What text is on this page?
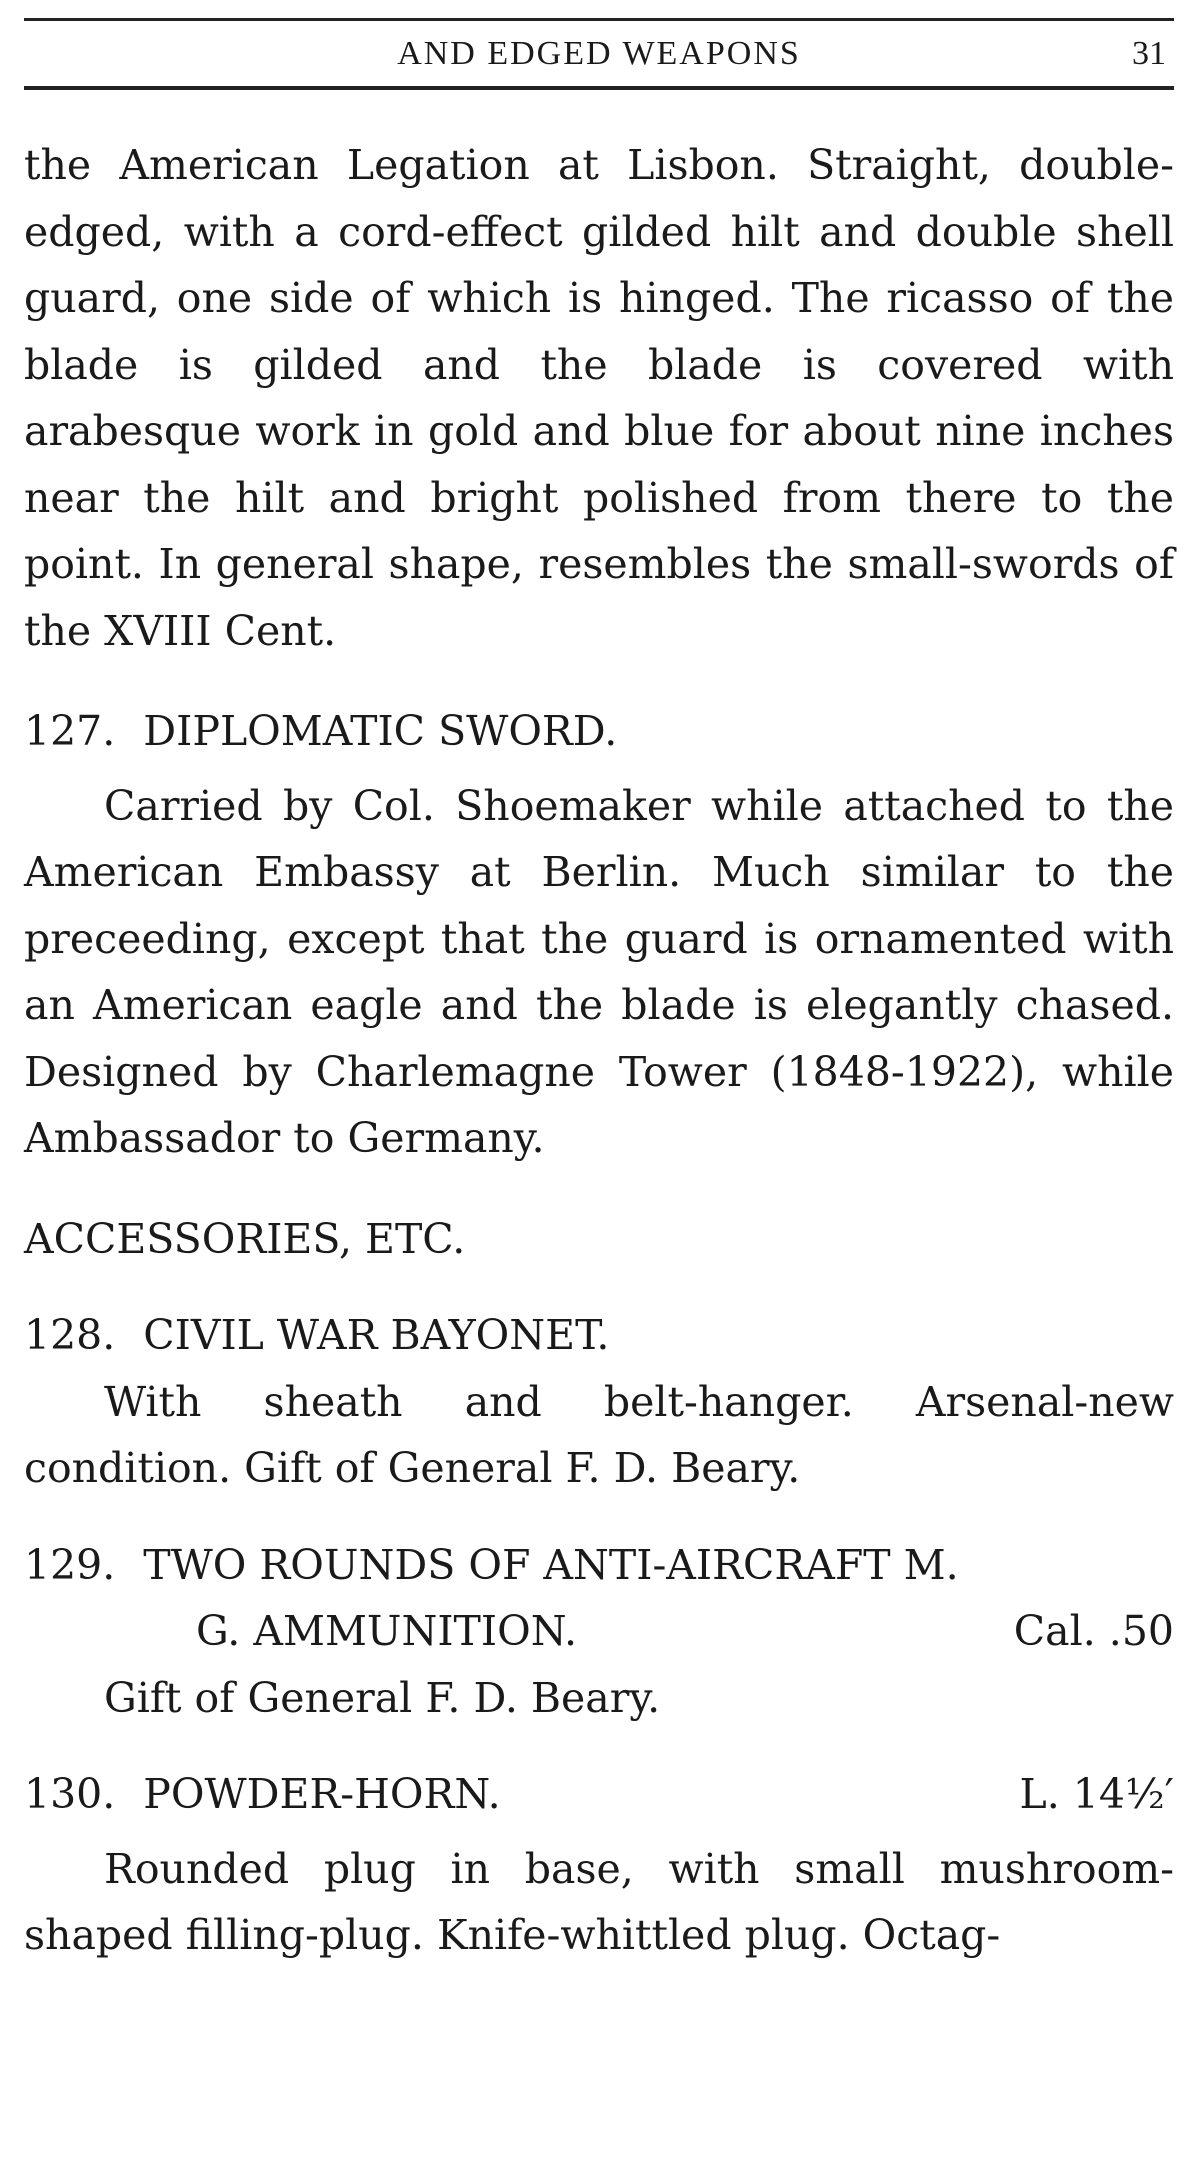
AND EDGED WEAPONS	31

the American Legation at Lisbon. Straight, double-edged, with a cord-effect gilded hilt and double shell guard, one side of which is hinged. The ricasso of the blade is gilded and the blade is covered with arabesque work in gold and blue for about nine inches near the hilt and bright polished from there to the point. In general shape, resembles the small-swords of the XVIII Cent.

127. DIPLOMATIC SWORD.

Carried by Col. Shoemaker while attached to the American Embassy at Berlin. Much similar to the preceeding, except that the guard is ornamented with an American eagle and the blade is elegantly chased. Designed by Charlemagne Tower (1848-1922), while Ambassador to Germany.

ACCESSORIES, ETC.

128. CIVIL WAR BAYONET.

With sheath and belt-hanger. Arsenal-new condition. Gift of General F. D. Beary.

129. TWO ROUNDS OF ANTI-AIRCRAFT M.
G. AMMUNITION.	Cal. .50

Gift of General F. D. Beary.

130. POWDER-HORN.	L. 14½′

Rounded plug in base, with small mushroom-shaped filling-plug. Knife-whittled plug. Octag-
